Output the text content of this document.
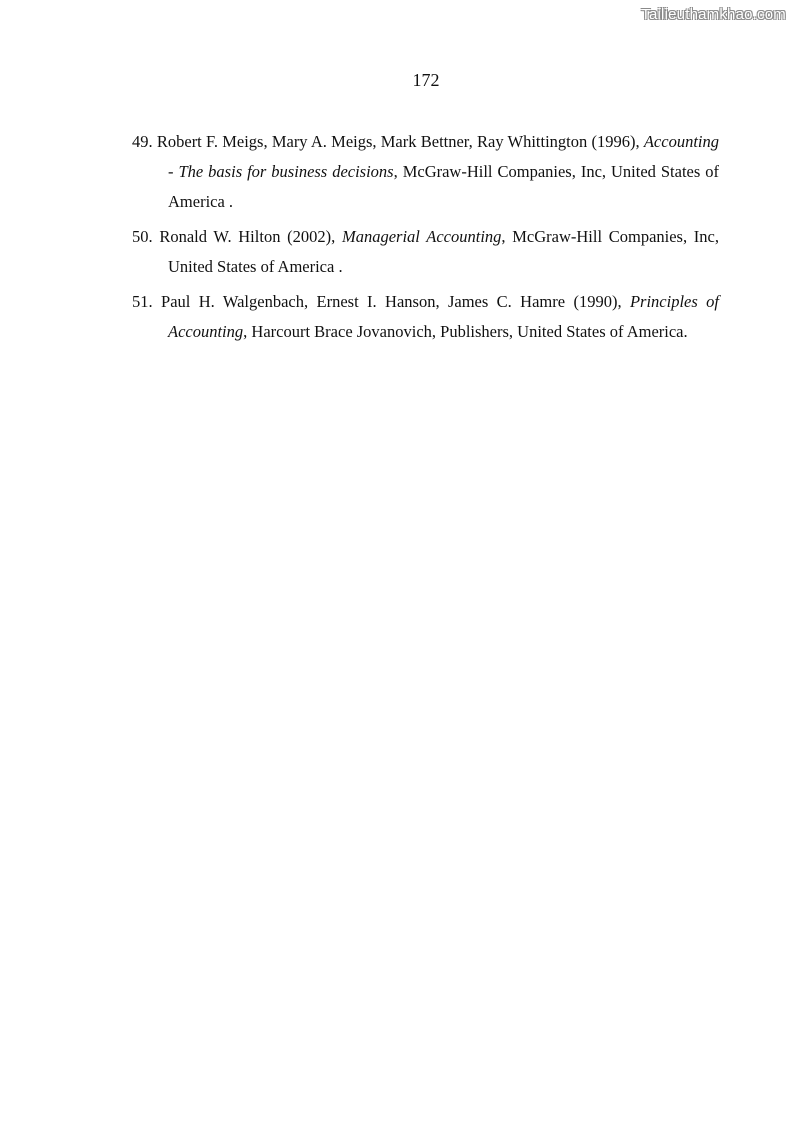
Tailieuthamkhao.com
172
49. Robert F. Meigs, Mary A. Meigs, Mark Bettner, Ray Whittington (1996), Accounting - The basis for business decisions, McGraw-Hill Companies, Inc, United States of America .
50. Ronald W. Hilton (2002), Managerial Accounting, McGraw-Hill Companies, Inc, United States of America .
51. Paul H. Walgenbach, Ernest I. Hanson, James C. Hamre (1990), Principles of Accounting, Harcourt Brace Jovanovich, Publishers, United States of America.
